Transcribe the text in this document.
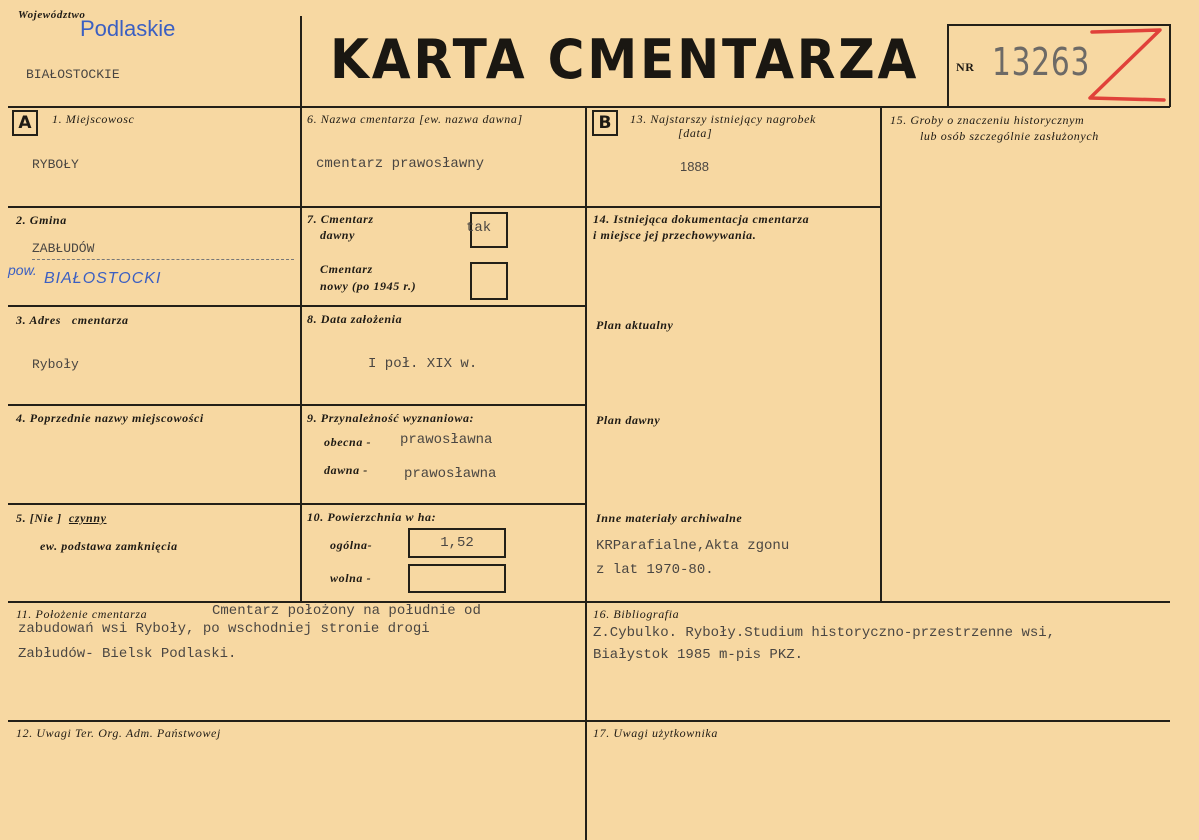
Województwo
Podlaskie
BIAŁOSTOCKIE	KARTA CMENTARZA	NR 13263
A	1. Miejscowosc
RYBOŁY
2. Gmina
ZABŁUDÓW
pow. BIAŁOSTOCKI
3. Adres cmentarza
Ryboły
4. Poprzednie nazwy miejscowości
5. [Nie ] czynny
ew. podstawa zamknięcia
6. Nazwa cmentarza [ew. nazwa dawna]
cmentarz prawosławny
7. Cmentarz
dawny	tak
Cmentarz
nowy (po 1945 r.)
8. Data założenia
I poł. XIX w.
9. Przynależność wyznaniowa:
obecna - prawosławna
dawna -	prawosławna
10. Powierzchnia w ha:
ogólna-	1,52
wolna -
B	13. Najstarszy istniejący nagrobek
[data]
1888
14. Istniejąca dokumentacja cmentarza
i miejsce jej przechowywania.
Plan aktualny
Plan dawny
Inne materiały archiwalne
KRParafialne,Akta zgonu
z lat 1970-80.
15. Groby o znaczeniu historycznym
lub osób szczególnie zasłużonych
11. Położenie cmentarza	Cmentarz położony na południe od
zabudowań wsi Ryboły, po wschodniej stronie drogi
Zabłudów- Bielsk Podlaski.
16. Bibliografia
Z.Cybulko. Ryboły.Studium historyczno-przestrzenne wsi,
Białystok 1985 m-pis PKZ.
12. Uwagi Ter. Org. Adm. Państwowej	17. Uwagi użytkownika
